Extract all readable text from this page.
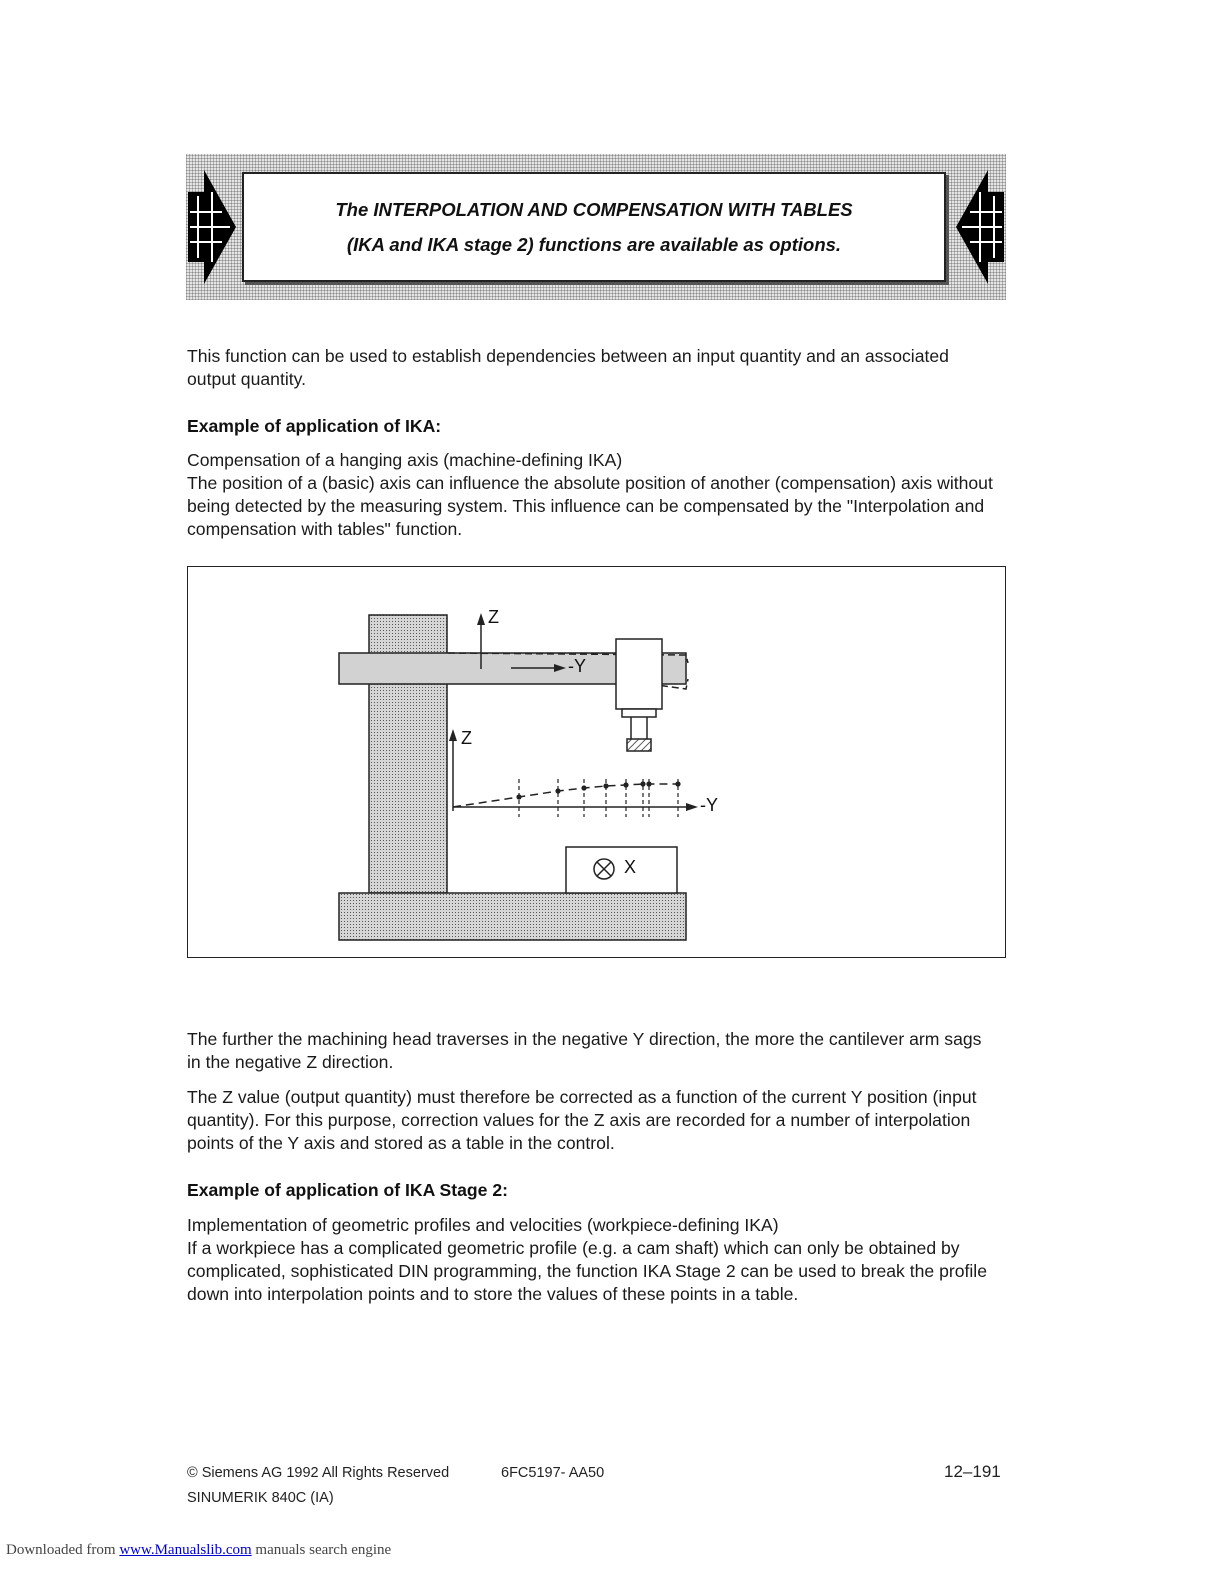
The INTERPOLATION AND COMPENSATION WITH TABLES
(IKA and IKA stage 2) functions are available as options.

This function can be used to establish dependencies between an input quantity and an associated output quantity.

Example of application of IKA:

Compensation of a hanging axis (machine-defining IKA)

The position of a (basic) axis can influence the absolute position of another (compensation) axis without being detected by the measuring system. This influence can be compensated by the "Interpolation and compensation with tables" function.

Z
-Y
Z
-Y
X

The further the machining head traverses in the negative Y direction, the more the cantilever arm sags in the negative Z direction.

The Z value (output quantity) must therefore be corrected as a function of the current Y position (input quantity). For this purpose, correction values for the Z axis are recorded for a number of interpolation points of the Y axis and stored as a table in the control.

Example of application of IKA Stage 2:

Implementation of geometric profiles and velocities (workpiece-defining IKA)

If a workpiece has a complicated geometric profile (e.g. a cam shaft) which can only be obtained by complicated, sophisticated DIN programming, the function IKA Stage 2 can be used to break the profile down into interpolation points and to store the values of these points in a table.

© Siemens AG 1992 All Rights Reserved	6FC5197- AA50	12–191
SINUMERIK 840C (IA)
Downloaded from www.Manualslib.com manuals search engine
